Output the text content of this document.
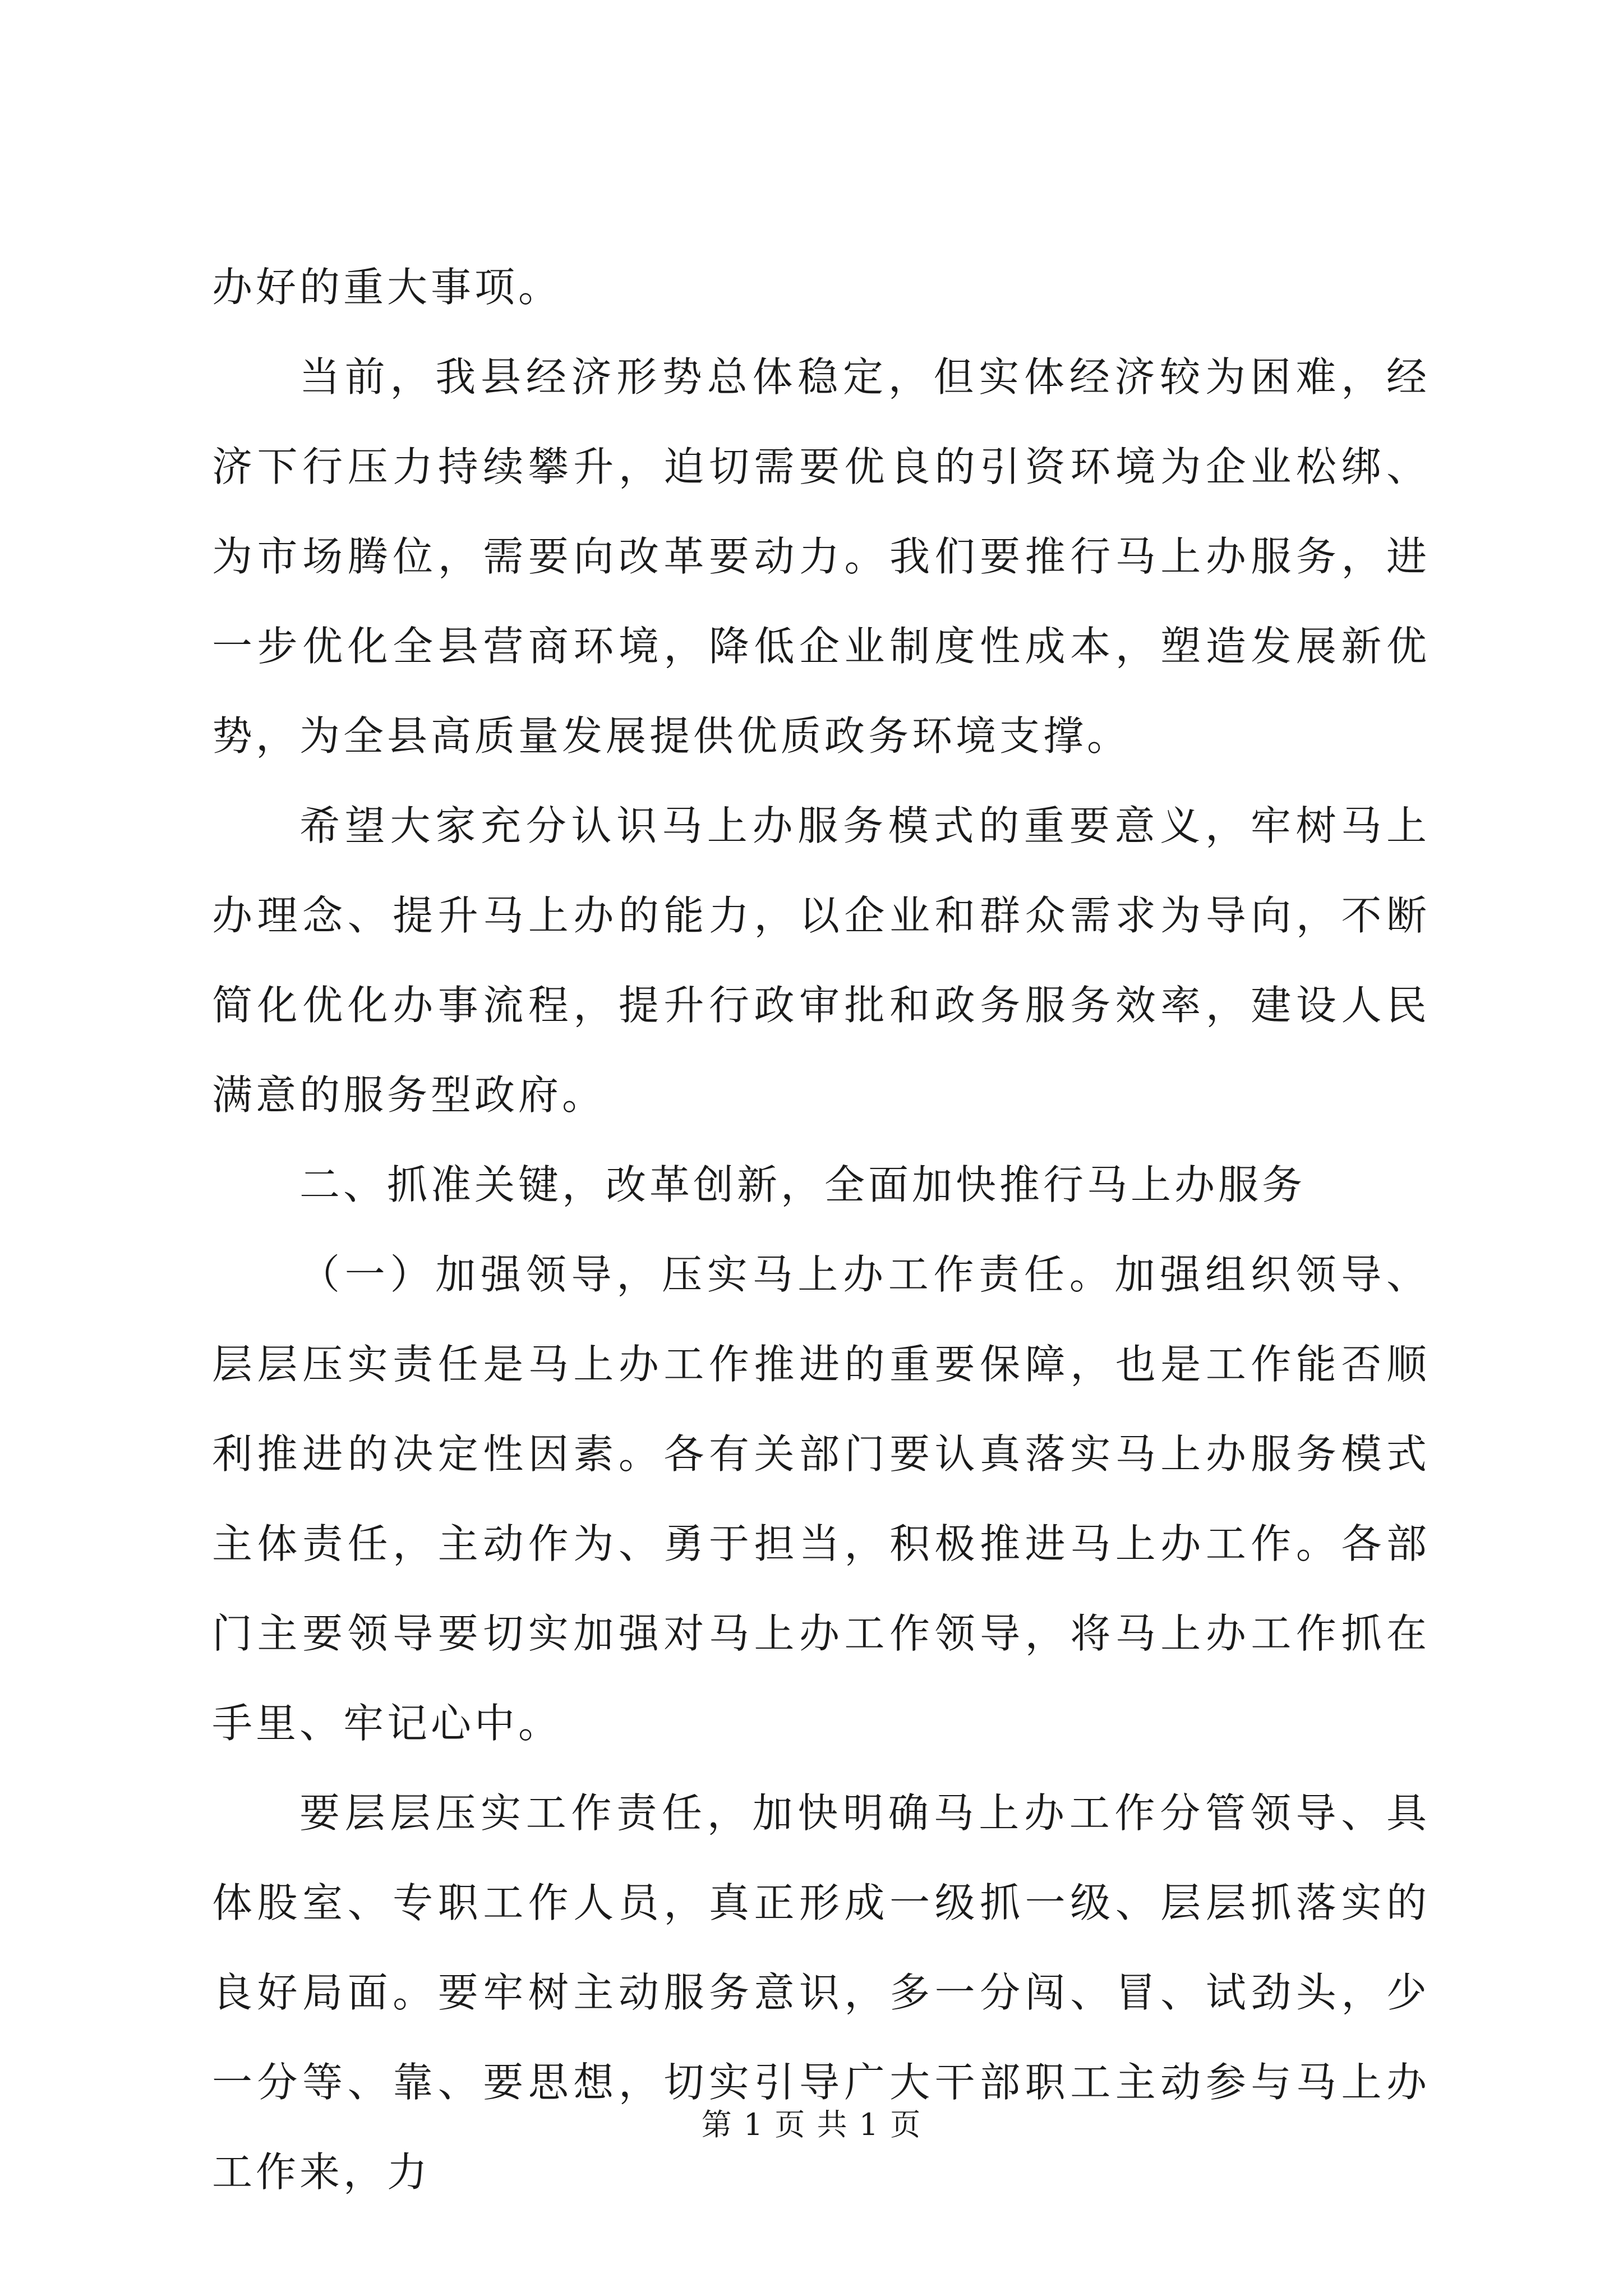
办好的重大事项。

当前，我县经济形势总体稳定，但实体经济较为困难，经济下行压力持续攀升，迫切需要优良的引资环境为企业松绑、为市场腾位，需要向改革要动力。我们要推行马上办服务，进一步优化全县营商环境，降低企业制度性成本，塑造发展新优势，为全县高质量发展提供优质政务环境支撑。

希望大家充分认识马上办服务模式的重要意义，牢树马上办理念、提升马上办的能力，以企业和群众需求为导向，不断简化优化办事流程，提升行政审批和政务服务效率，建设人民满意的服务型政府。

二、抓准关键，改革创新，全面加快推行马上办服务

（一）加强领导，压实马上办工作责任。加强组织领导、层层压实责任是马上办工作推进的重要保障，也是工作能否顺利推进的决定性因素。各有关部门要认真落实马上办服务模式主体责任，主动作为、勇于担当，积极推进马上办工作。各部门主要领导要切实加强对马上办工作领导，将马上办工作抓在手里、牢记心中。

要层层压实工作责任，加快明确马上办工作分管领导、具体股室、专职工作人员，真正形成一级抓一级、层层抓落实的良好局面。要牢树主动服务意识，多一分闯、冒、试劲头，少一分等、靠、要思想，切实引导广大干部职工主动参与马上办工作来，力

第 1 页 共 1 页
